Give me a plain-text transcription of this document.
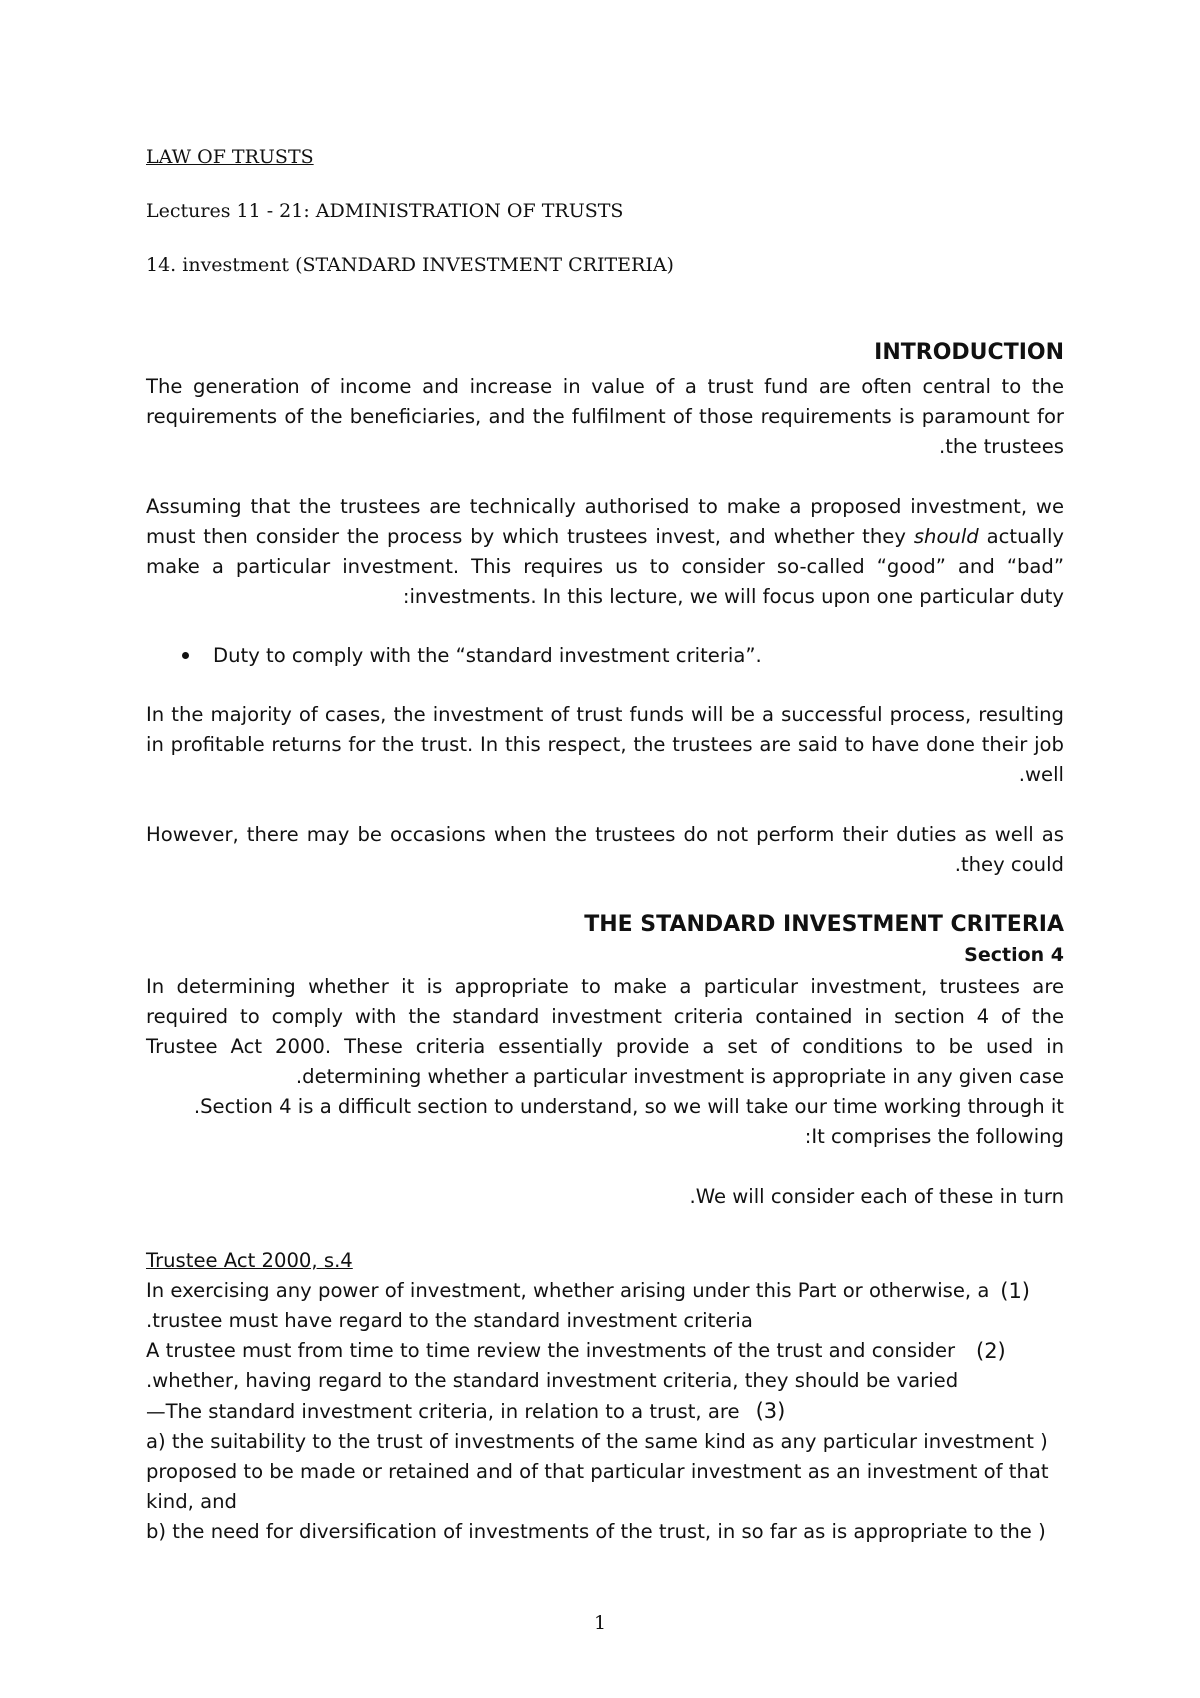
LAW OF TRUSTS
Lectures 11 - 21: ADMINISTRATION OF TRUSTS
14. investment (STANDARD INVESTMENT CRITERIA)
INTRODUCTION
The generation of income and increase in value of a trust fund are often central to the
requirements of the beneficiaries, and the fulfilment of those requirements is paramount for
.the trustees
Assuming that the trustees are technically authorised to make a proposed investment, we
must then consider the process by which trustees invest, and whether they should actually
make a particular investment. This requires us to consider so-called “good” and “bad”
:investments. In this lecture, we will focus upon one particular duty
Duty to comply with the “standard investment criteria”.
In the majority of cases, the investment of trust funds will be a successful process, resulting
in profitable returns for the trust. In this respect, the trustees are said to have done their job
.well
However, there may be occasions when the trustees do not perform their duties as well as
.they could
THE STANDARD INVESTMENT CRITERIA
Section 4
In determining whether it is appropriate to make a particular investment, trustees are
required to comply with the standard investment criteria contained in section 4 of the
Trustee Act 2000. These criteria essentially provide a set of conditions to be used in
.determining whether a particular investment is appropriate in any given case
.Section 4 is a difficult section to understand, so we will take our time working through it
:It comprises the following
.We will consider each of these in turn
Trustee Act 2000, s.4
In exercising any power of investment, whether arising under this Part or otherwise, a (1)
.trustee must have regard to the standard investment criteria
A trustee must from time to time review the investments of the trust and consider (2)
.whether, having regard to the standard investment criteria, they should be varied
—The standard investment criteria, in relation to a trust, are (3)
a) the suitability to the trust of investments of the same kind as any particular investment )
proposed to be made or retained and of that particular investment as an investment of that
kind, and
b) the need for diversification of investments of the trust, in so far as is appropriate to the )
1
